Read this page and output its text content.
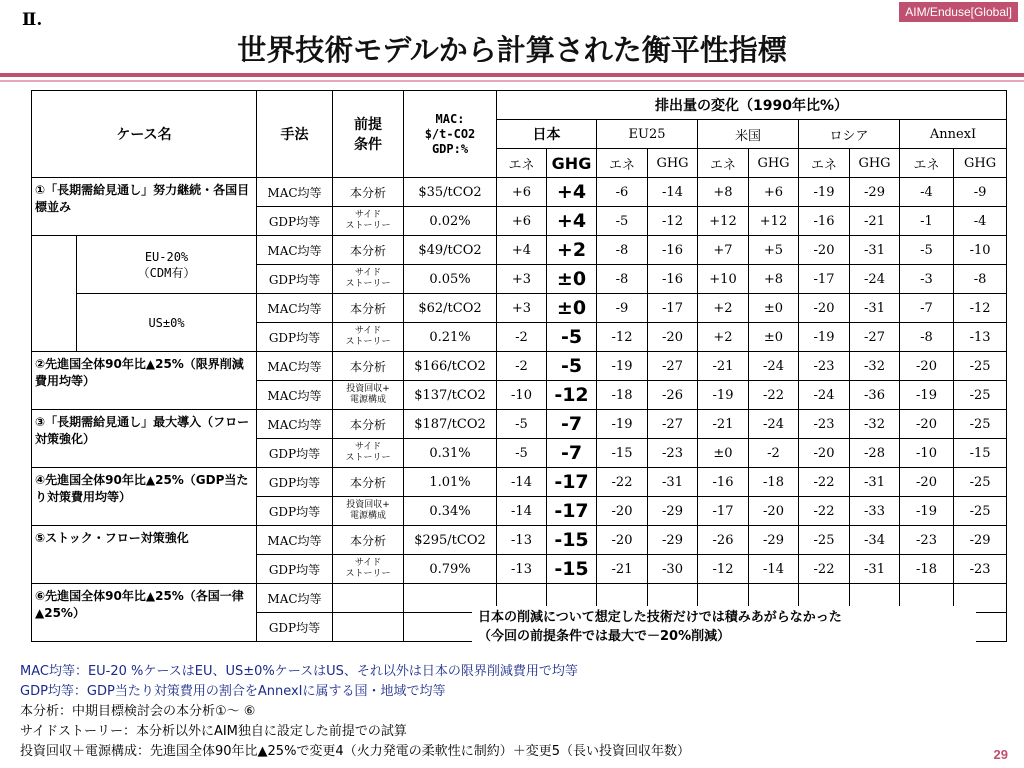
AIM/Enduse[Global]
Ⅱ.
世界技術モデルから計算された衡平性指標
ケース名		手法	前提
条件	MAC:
$/t-CO2
GDP:%	排出量の変化（1990年比%）									
					日本		EU25		米国		ロシア		AnnexⅠ	
					エネ	GHG	エネ	GHG	エネ	GHG	エネ	GHG	エネ	GHG
①「長期需給見通し」努力継続・各国目標並み		MAC均等	本分析	$35/tCO2	+6	+4	-6	-14	+8	+6	-19	-29	-4	-9
		GDP均等	サイド
ストーリー	0.02%	+6	+4	-5	-12	+12	+12	-16	-21	-1	-4
	EU-20%
（CDM有）	MAC均等	本分析	$49/tCO2	+4	+2	-8	-16	+7	+5	-20	-31	-5	-10
		GDP均等	サイド
ストーリー	0.05%	+3	±0	-8	-16	+10	+8	-17	-24	-3	-8
	US±0%	MAC均等	本分析	$62/tCO2	+3	±0	-9	-17	+2	±0	-20	-31	-7	-12
		GDP均等	サイド
ストーリー	0.21%	-2	-5	-12	-20	+2	±0	-19	-27	-8	-13
②先進国全体90年比▲25%（限界削減費用均等）		MAC均等	本分析	$166/tCO2	-2	-5	-19	-27	-21	-24	-23	-32	-20	-25
		MAC均等	投資回収+
電源構成	$137/tCO2	-10	-12	-18	-26	-19	-22	-24	-36	-19	-25
③「長期需給見通し」最大導入（フロー対策強化）		MAC均等	本分析	$187/tCO2	-5	-7	-19	-27	-21	-24	-23	-32	-20	-25
		GDP均等	サイド
ストーリー	0.31%	-5	-7	-15	-23	±0	-2	-20	-28	-10	-15
④先進国全体90年比▲25%（GDP当たり対策費用均等）		GDP均等	本分析	1.01%	-14	-17	-22	-31	-16	-18	-22	-31	-20	-25
		GDP均等	投資回収+
電源構成	0.34%	-14	-17	-20	-29	-17	-20	-22	-33	-19	-25
⑤ストック・フロー対策強化		MAC均等	本分析	$295/tCO2	-13	-15	-20	-29	-26	-29	-25	-34	-23	-29
		GDP均等	サイド
ストーリー	0.79%	-13	-15	-21	-30	-12	-14	-22	-31	-18	-23
⑥先進国全体90年比▲25%（各国一律▲25%）		MAC均等												
		GDP均等												
日本の削減について想定した技術だけでは積みあがらなかった
（今回の前提条件では最大で－20%削減）
MAC均等：EU-20 %ケースはEU、US±0%ケースはUS、それ以外は日本の限界削減費用で均等
GDP均等：GDP当たり対策費用の割合をAnnexIに属する国・地域で均等
本分析：中期目標検討会の本分析①～ ⑥
サイドストーリー：本分析以外にAIM独自に設定した前提での試算
投資回収＋電源構成：先進国全体90年比▲25%で変更4（火力発電の柔軟性に制約）＋変更5（長い投資回収年数）	29
